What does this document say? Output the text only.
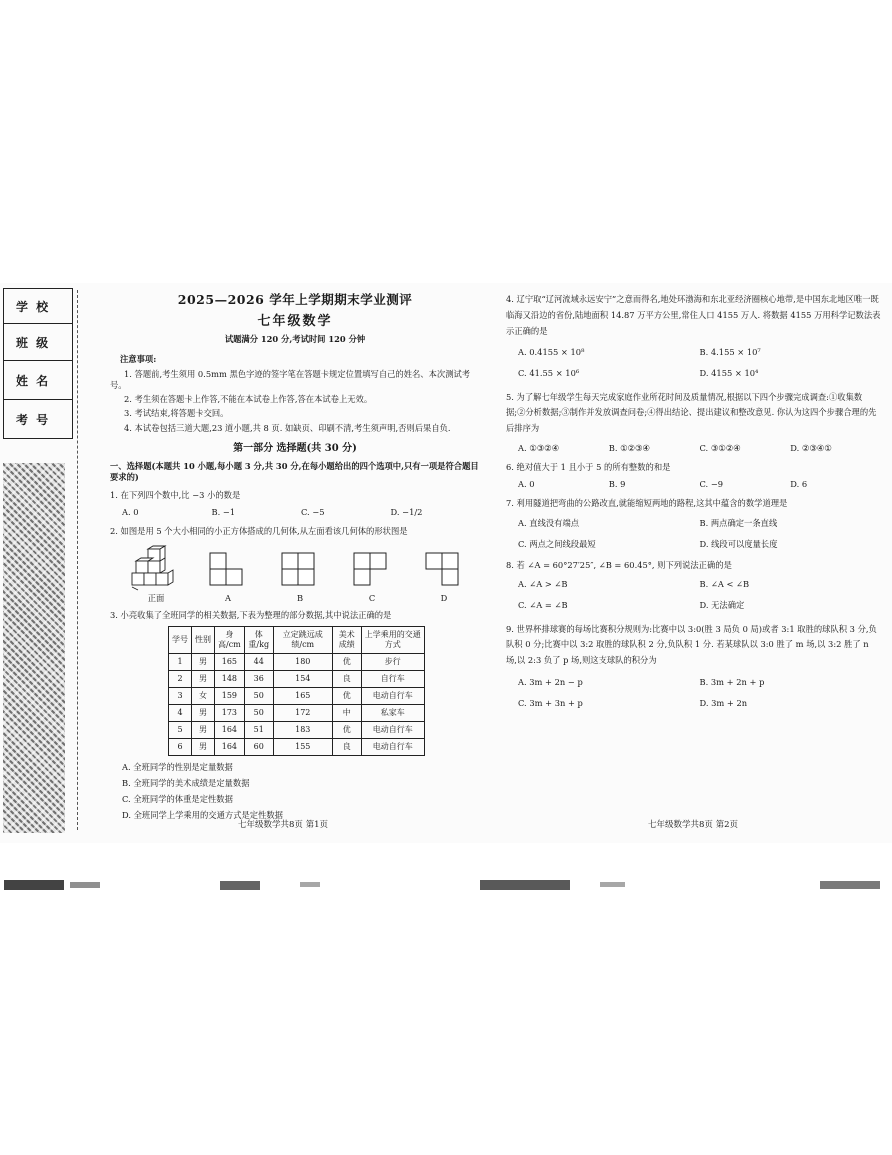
学 校
班 级
姓 名
考 号
2025—2026 学年上学期期末学业测评
七年级数学
试题满分 120 分,考试时间 120 分钟
注意事项:

1. 答题前,考生须用 0.5mm 黑色字迹的签字笔在答题卡规定位置填写自己的姓名、本次测试考号。

2. 考生须在答题卡上作答,不能在本试卷上作答,答在本试卷上无效。

3. 考试结束,将答题卡交回。

4. 本试卷包括三道大题,23 道小题,共 8 页. 如缺页、印刷不清,考生须声明,否则后果自负.

第一部分 选择题(共 30 分)
一、选择题(本题共 10 小题,每小题 3 分,共 30 分,在每小题给出的四个选项中,只有一项是符合题目要求的)
1. 在下列四个数中,比 −3 小的数是
A. 0	B. −1	C. −5	D. −1/2
2. 如图是用 5 个大小相同的小正方体搭成的几何体,从左面看该几何体的形状图是
正面	A	B	C	D
3. 小亮收集了全班同学的相关数据,下表为整理的部分数据,其中说法正确的是
学号	性别	身高/cm	体重/kg	立定跳远成绩/cm	美术成绩	上学乘用的交通方式
1	男	165	44	180	优	步行
2	男	148	36	154	良	自行车
3	女	159	50	165	优	电动自行车
4	男	173	50	172	中	私家车
5	男	164	51	183	优	电动自行车
6	男	164	60	155	良	电动自行车
A. 全班同学的性别是定量数据
B. 全班同学的美术成绩是定量数据
C. 全班同学的体重是定性数据
D. 全班同学上学乘用的交通方式是定性数据
4. 辽宁取“辽河流域永远安宁”之意而得名,地处环渤海和东北亚经济圈核心地带,是中国东北地区唯一既临海又沿边的省份,陆地面积 14.87 万平方公里,常住人口 4155 万人. 将数据 4155 万用科学记数法表示正确的是
A. 0.4155 × 10⁸	B. 4.155 × 10⁷
C. 41.55 × 10⁶	D. 4155 × 10⁴
5. 为了解七年级学生每天完成家庭作业所花时间及质量情况,根据以下四个步骤完成调查:①收集数据;②分析数据;③制作并发放调查问卷;④得出结论、提出建议和整改意见. 你认为这四个步骤合理的先后排序为
A. ①③②④	B. ①②③④	C. ③①②④	D. ②③④①
6. 绝对值大于 1 且小于 5 的所有整数的和是
A. 0	B. 9	C. −9	D. 6
7. 利用隧道把弯曲的公路改直,就能缩短两地的路程,这其中蕴含的数学道理是
A. 直线没有端点	B. 两点确定一条直线
C. 两点之间线段最短	D. 线段可以度量长度
8. 若 ∠A = 60°27′25″, ∠B = 60.45°, 则下列说法正确的是
A. ∠A > ∠B	B. ∠A < ∠B
C. ∠A = ∠B	D. 无法确定
9. 世界杯排球赛的每场比赛积分规则为:比赛中以 3:0(胜 3 局负 0 局)或者 3:1 取胜的球队积 3 分,负队积 0 分;比赛中以 3:2 取胜的球队积 2 分,负队积 1 分. 若某球队以 3:0 胜了 m 场,以 3:2 胜了 n 场,以 2:3 负了 p 场,则这支球队的积分为
A. 3m + 2n − p	B. 3m + 2n + p
C. 3m + 3n + p	D. 3m + 2n
七年级数学共8页 第1页	七年级数学共8页 第2页
